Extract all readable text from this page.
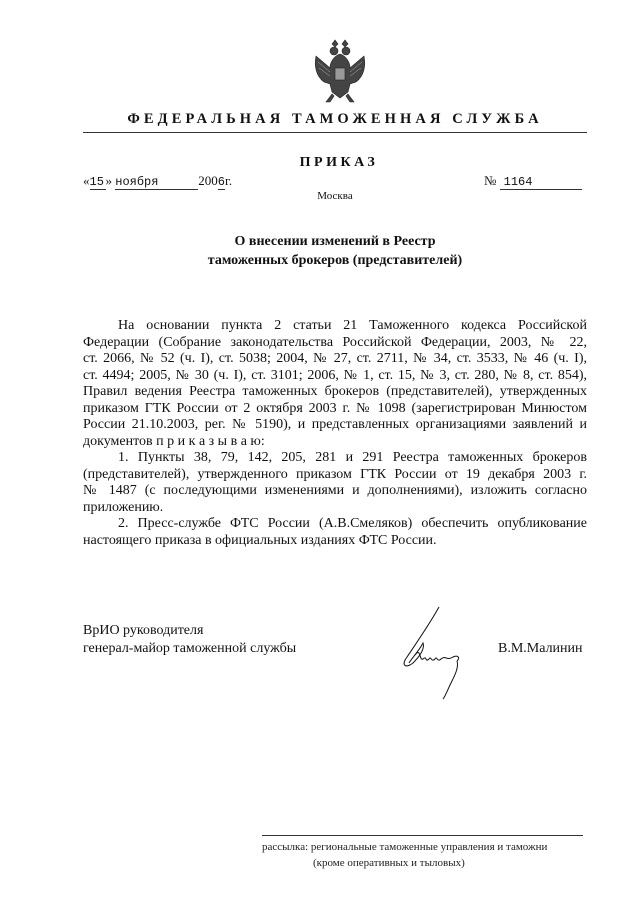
ФЕДЕРАЛЬНАЯ ТАМОЖЕННАЯ СЛУЖБА
ПРИКАЗ
«15 » ноября	2006г.	№ 1164
Москва
О внесении изменений в Реестр
таможенных брокеров (представителей)
На основании пункта 2 статьи 21 Таможенного кодекса Российской
Федерации (Собрание законодательства Российской Федерации, 2003, № 22,
ст. 2066, № 52 (ч. I), ст. 5038; 2004, № 27, ст. 2711, № 34, ст. 3533, № 46 (ч. I),
ст. 4494; 2005, № 30 (ч. I), ст. 3101; 2006, № 1, ст. 15, № 3, ст. 280, № 8, ст. 854),
Правил ведения Реестра таможенных брокеров (представителей), утвержденных
приказом ГТК России от 2 октября 2003 г. № 1098 (зарегистрирован Минюстом
России 21.10.2003, рег. № 5190), и представленных организациями заявлений и
документов п р и к а з ы в а ю:
1. Пункты 38, 79, 142, 205, 281 и 291 Реестра таможенных брокеров
(представителей), утвержденного приказом ГТК России от 19 декабря 2003 г.
№ 1487 (с последующими изменениями и дополнениями), изложить согласно
приложению.
2. Пресс-службе ФТС России (А.В.Смеляков) обеспечить опубликование
настоящего приказа в официальных изданиях ФТС России.
ВрИО руководителя
генерал-майор таможенной службы	В.М.Малинин
рассылка: региональные таможенные управления и таможни
(кроме оперативных и тыловых)
